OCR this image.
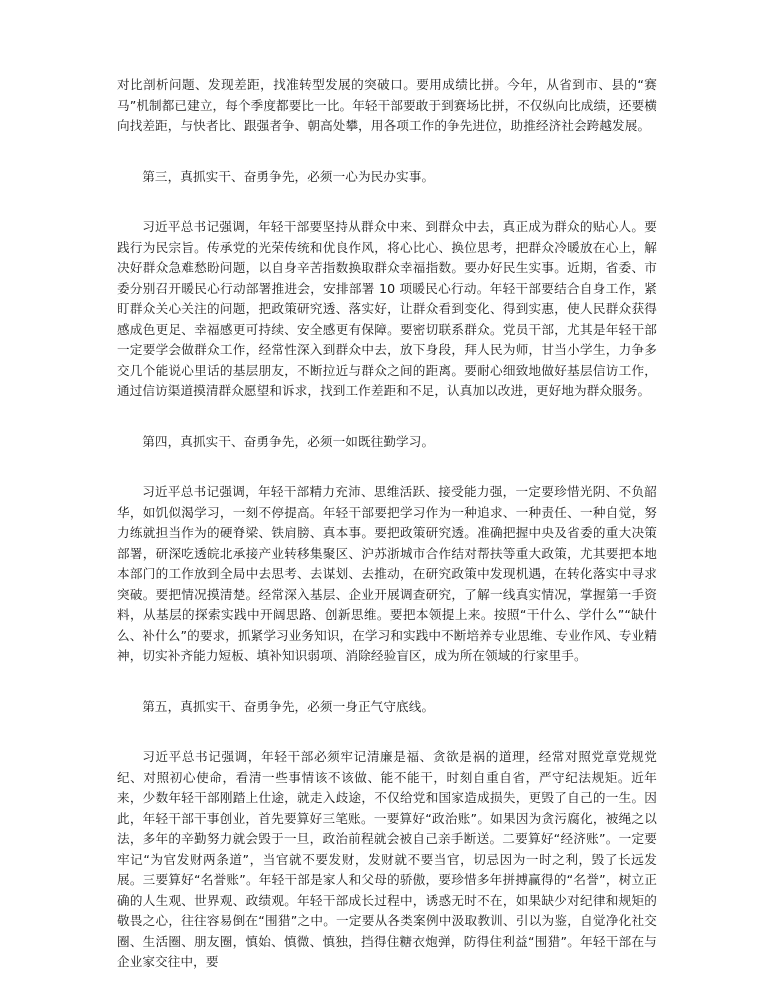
对比剖析问题、发现差距，找准转型发展的突破口。要用成绩比拼。今年，从省到市、县的“赛马”机制都已建立，每个季度都要比一比。年轻干部要敢于到赛场比拼，不仅纵向比成绩，还要横向找差距，与快者比、跟强者争、朝高处攀，用各项工作的争先进位，助推经济社会跨越发展。

第三，真抓实干、奋勇争先，必须一心为民办实事。

习近平总书记强调，年轻干部要坚持从群众中来、到群众中去，真正成为群众的贴心人。要践行为民宗旨。传承党的光荣传统和优良作风，将心比心、换位思考，把群众冷暖放在心上，解决好群众急难愁盼问题，以自身辛苦指数换取群众幸福指数。要办好民生实事。近期，省委、市委分别召开暖民心行动部署推进会，安排部署 10 项暖民心行动。年轻干部要结合自身工作，紧盯群众关心关注的问题，把政策研究透、落实好，让群众看到变化、得到实惠，使人民群众获得感成色更足、幸福感更可持续、安全感更有保障。要密切联系群众。党员干部，尤其是年轻干部一定要学会做群众工作，经常性深入到群众中去，放下身段，拜人民为师，甘当小学生，力争多交几个能说心里话的基层朋友，不断拉近与群众之间的距离。要耐心细致地做好基层信访工作，通过信访渠道摸清群众愿望和诉求，找到工作差距和不足，认真加以改进，更好地为群众服务。

第四，真抓实干、奋勇争先，必须一如既往勤学习。

习近平总书记强调，年轻干部精力充沛、思维活跃、接受能力强，一定要珍惜光阴、不负韶华，如饥似渴学习，一刻不停提高。年轻干部要把学习作为一种追求、一种责任、一种自觉，努力练就担当作为的硬脊梁、铁肩膀、真本事。要把政策研究透。准确把握中央及省委的重大决策部署，研深吃透皖北承接产业转移集聚区、沪苏浙城市合作结对帮扶等重大政策，尤其要把本地本部门的工作放到全局中去思考、去谋划、去推动，在研究政策中发现机遇，在转化落实中寻求突破。要把情况摸清楚。经常深入基层、企业开展调查研究，了解一线真实情况，掌握第一手资料，从基层的探索实践中开阔思路、创新思维。要把本领提上来。按照“干什么、学什么”“缺什么、补什么”的要求，抓紧学习业务知识，在学习和实践中不断培养专业思维、专业作风、专业精神，切实补齐能力短板、填补知识弱项、消除经验盲区，成为所在领域的行家里手。

第五，真抓实干、奋勇争先，必须一身正气守底线。

习近平总书记强调，年轻干部必须牢记清廉是福、贪欲是祸的道理，经常对照党章党规党纪、对照初心使命，看清一些事情该不该做、能不能干，时刻自重自省，严守纪法规矩。近年来，少数年轻干部刚踏上仕途，就走入歧途，不仅给党和国家造成损失，更毁了自己的一生。因此，年轻干部干事创业，首先要算好三笔账。一要算好“政治账”。如果因为贪污腐化，被绳之以法，多年的辛勤努力就会毁于一旦，政治前程就会被自己亲手断送。二要算好“经济账”。一定要牢记“为官发财两条道”，当官就不要发财，发财就不要当官，切忌因为一时之利，毁了长远发展。三要算好“名誉账”。年轻干部是家人和父母的骄傲，要珍惜多年拼搏赢得的“名誉”，树立正确的人生观、世界观、政绩观。年轻干部成长过程中，诱惑无时不在，如果缺少对纪律和规矩的敬畏之心，往往容易倒在“围猎”之中。一定要从各类案例中汲取教训、引以为鉴，自觉净化社交圈、生活圈、朋友圈，慎始、慎微、慎独，挡得住糖衣炮弹，防得住利益“围猎”。年轻干部在与企业家交往中，要
